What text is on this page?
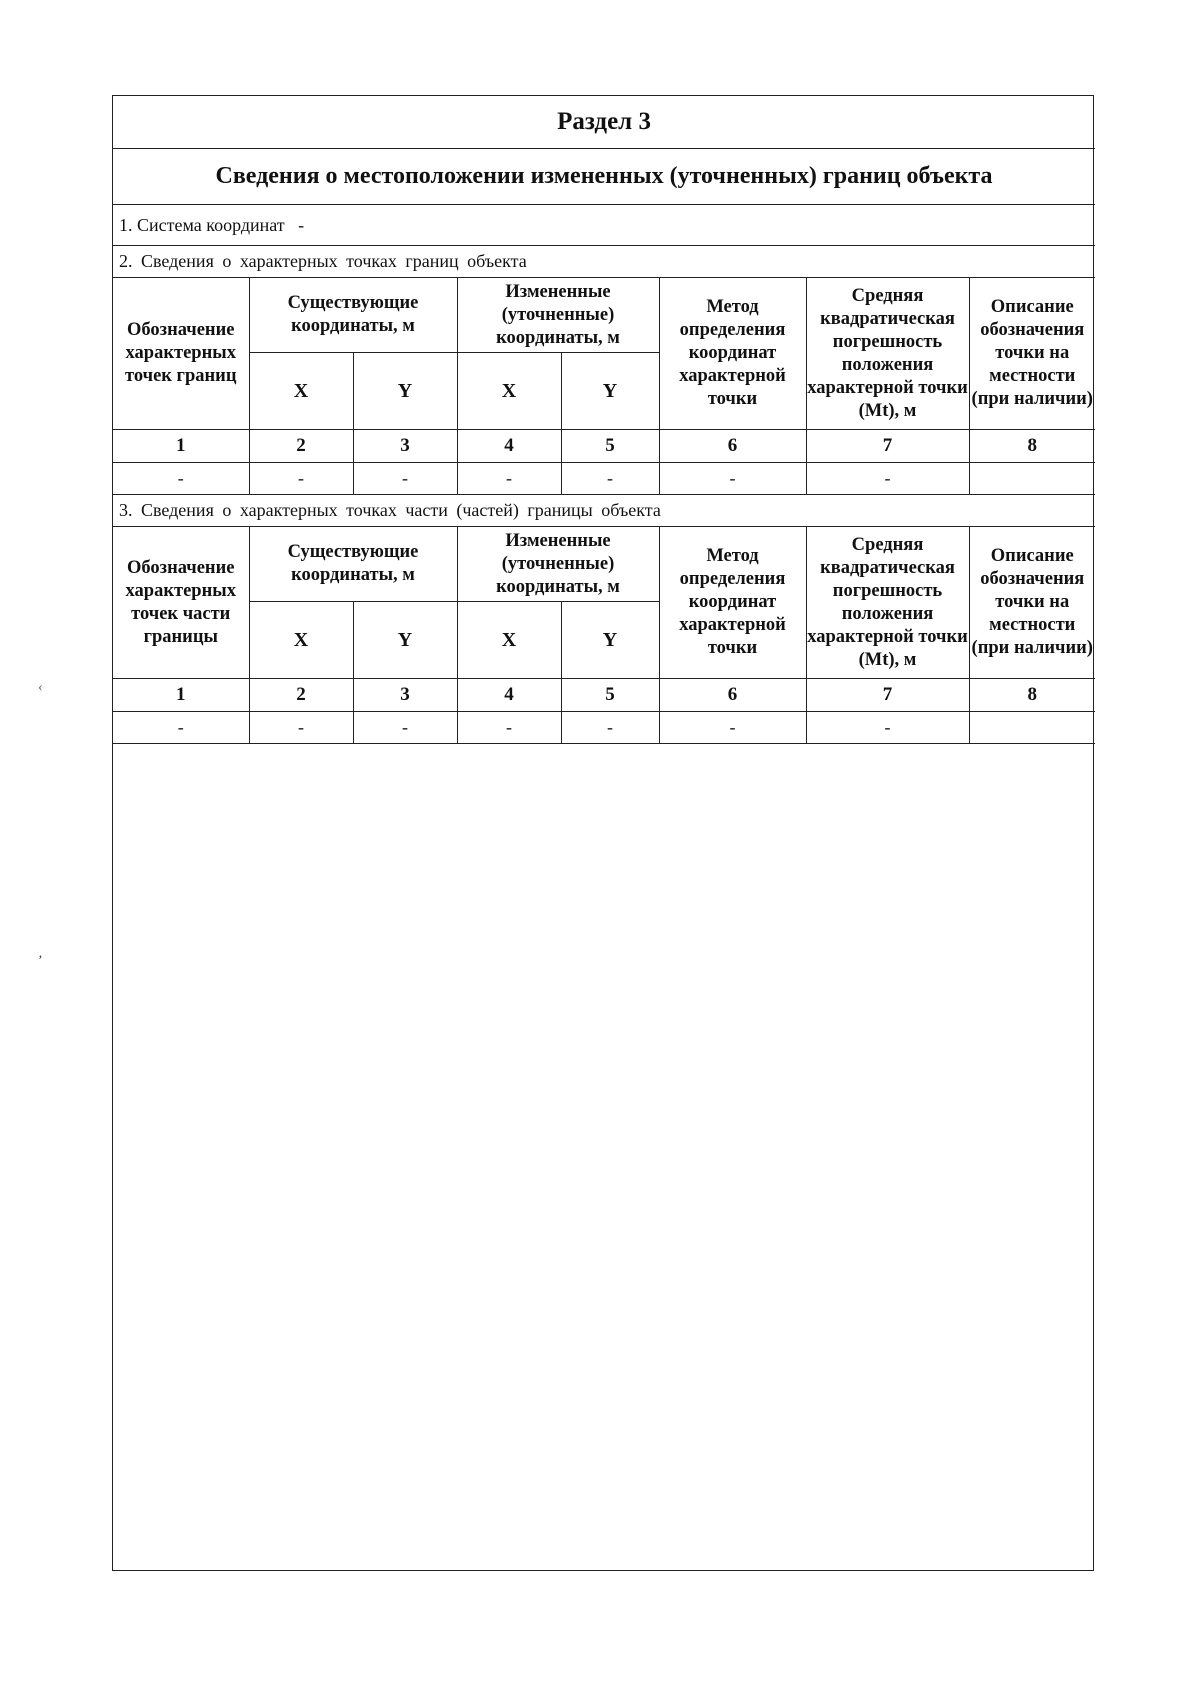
Раздел 3							
Сведения о местоположении измененных (уточненных) границ объекта							
1. Система координат -							
2. Сведения о характерных точках границ объекта							
Обозначение характерных точек границ	Существующие координаты, м		Измененные (уточненные) координаты, м		Метод определения координат характерной точки	Средняя квадратическая погрешность положения характерной точки (Mt), м	Описание обозначения точки на местности (при наличии)
	X	Y	X	Y			
1	2	3	4	5	6	7	8
-	-	-	-	-	-	-	
3. Сведения о характерных точках части (частей) границы объекта							
Обозначение характерных точек части границы	Существующие координаты, м		Измененные (уточненные) координаты, м		Метод определения координат характерной точки	Средняя квадратическая погрешность положения характерной точки (Mt), м	Описание обозначения точки на местности (при наличии)
	X	Y	X	Y			
1	2	3	4	5	6	7	8
-	-	-	-	-	-	-	
‹
‚
